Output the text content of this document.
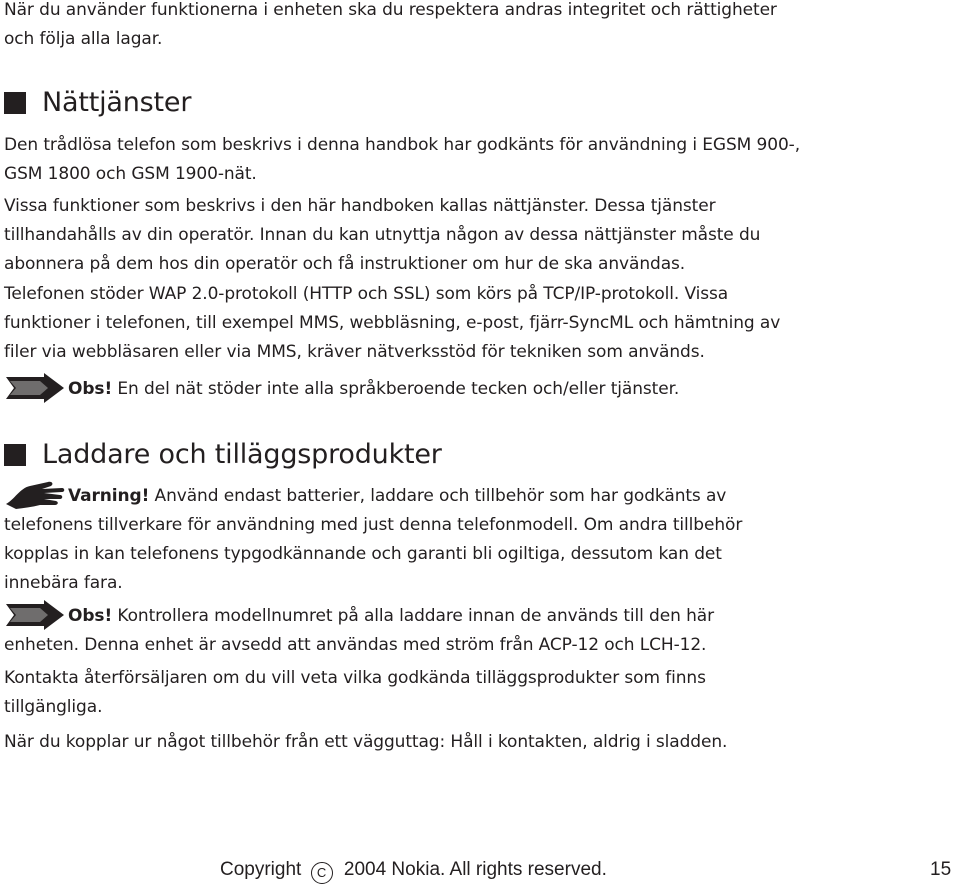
När du använder funktionerna i enheten ska du respektera andras integritet och rättigheter och följa alla lagar.

Nättjänster

Den trådlösa telefon som beskrivs i denna handbok har godkänts för användning i EGSM 900-, GSM 1800 och GSM 1900-nät.

Vissa funktioner som beskrivs i den här handboken kallas nättjänster. Dessa tjänster tillhandahålls av din operatör. Innan du kan utnyttja någon av dessa nättjänster måste du abonnera på dem hos din operatör och få instruktioner om hur de ska användas.

Telefonen stöder WAP 2.0-protokoll (HTTP och SSL) som körs på TCP/IP-protokoll. Vissa funktioner i telefonen, till exempel MMS, webbläsning, e-post, fjärr-SyncML och hämtning av filer via webbläsaren eller via MMS, kräver nätverksstöd för tekniken som används.

Obs! En del nät stöder inte alla språkberoende tecken och/eller tjänster.

Laddare och tilläggsprodukter

Varning! Använd endast batterier, laddare och tillbehör som har godkänts av telefonens tillverkare för användning med just denna telefonmodell. Om andra tillbehör kopplas in kan telefonens typgodkännande och garanti bli ogiltiga, dessutom kan det innebära fara.

Obs! Kontrollera modellnumret på alla laddare innan de används till den här enheten. Denna enhet är avsedd att användas med ström från ACP-12 och LCH-12.

Kontakta återförsäljaren om du vill veta vilka godkända tilläggsprodukter som finns tillgängliga.

När du kopplar ur något tillbehör från ett vägguttag: Håll i kontakten, aldrig i sladden.

Copyright C 2004 Nokia. All rights reserved.	15
